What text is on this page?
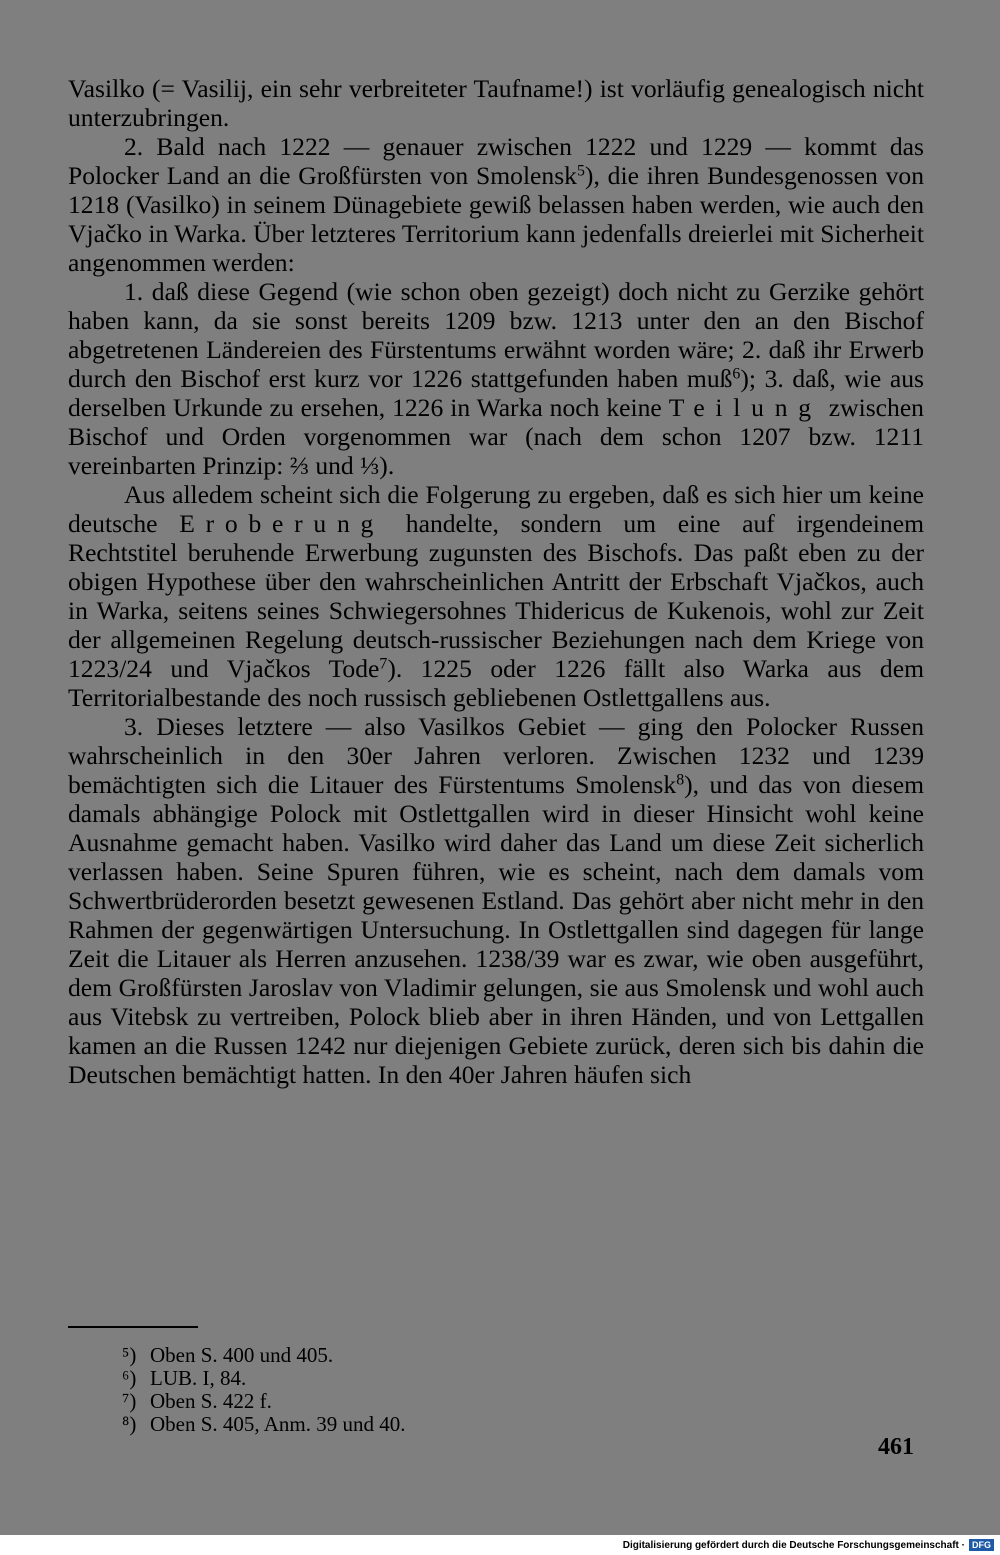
Vasilko (= Vasilij, ein sehr verbreiteter Taufname!) ist vorläufig genealogisch nicht unterzubringen.

2. Bald nach 1222 — genauer zwischen 1222 und 1229 — kommt das Polocker Land an die Großfürsten von Smolensk$^5$), die ihren Bundesgenossen von 1218 (Vasilko) in seinem Dünagebiete gewiß belassen haben werden, wie auch den Vjačko in Warka. Über letzteres Territorium kann jedenfalls dreierlei mit Sicherheit angenommen werden:

1. daß diese Gegend (wie schon oben gezeigt) doch nicht zu Gerzike gehört haben kann, da sie sonst bereits 1209 bzw. 1213 unter den an den Bischof abgetretenen Ländereien des Fürstentums erwähnt worden wäre; 2. daß ihr Erwerb durch den Bischof erst kurz vor 1226 stattgefunden haben muß$^6$); 3. daß, wie aus derselben Urkunde zu ersehen, 1226 in Warka noch keine Teilung zwischen Bischof und Orden vorgenommen war (nach dem schon 1207 bzw. 1211 vereinbarten Prinzip: ⅔ und ⅓).

Aus alledem scheint sich die Folgerung zu ergeben, daß es sich hier um keine deutsche Eroberung handelte, sondern um eine auf irgendeinem Rechtstitel beruhende Erwerbung zugunsten des Bischofs. Das paßt eben zu der obigen Hypothese über den wahrscheinlichen Antritt der Erbschaft Vjačkos, auch in Warka, seitens seines Schwiegersohnes Thidericus de Kukenois, wohl zur Zeit der allgemeinen Regelung deutsch-russischer Beziehungen nach dem Kriege von 1223/24 und Vjačkos Tode$^7$). 1225 oder 1226 fällt also Warka aus dem Territorialbestande des noch russisch gebliebenen Ostlettgallens aus.

3. Dieses letztere — also Vasilkos Gebiet — ging den Polocker Russen wahrscheinlich in den 30er Jahren verloren. Zwischen 1232 und 1239 bemächtigten sich die Litauer des Fürstentums Smolensk$^8$), und das von diesem damals abhängige Polock mit Ostlettgallen wird in dieser Hinsicht wohl keine Ausnahme gemacht haben. Vasilko wird daher das Land um diese Zeit sicherlich verlassen haben. Seine Spuren führen, wie es scheint, nach dem damals vom Schwertbrüderorden besetzt gewesenen Estland. Das gehört aber nicht mehr in den Rahmen der gegenwärtigen Untersuchung. In Ostlettgallen sind dagegen für lange Zeit die Litauer als Herren anzusehen. 1238/39 war es zwar, wie oben ausgeführt, dem Großfürsten Jaroslav von Vladimir gelungen, sie aus Smolensk und wohl auch aus Vitebsk zu vertreiben, Polock blieb aber in ihren Händen, und von Lettgallen kamen an die Russen 1242 nur diejenigen Gebiete zurück, deren sich bis dahin die Deutschen bemächtigt hatten. In den 40er Jahren häufen sich

⁵) Oben S. 400 und 405.
⁶) LUB. I, 84.
⁷) Oben S. 422 f.
⁸) Oben S. 405, Anm. 39 und 40.
461
Digitalisierung gefördert durch die Deutsche Forschungsgemeinschaft · DFG
